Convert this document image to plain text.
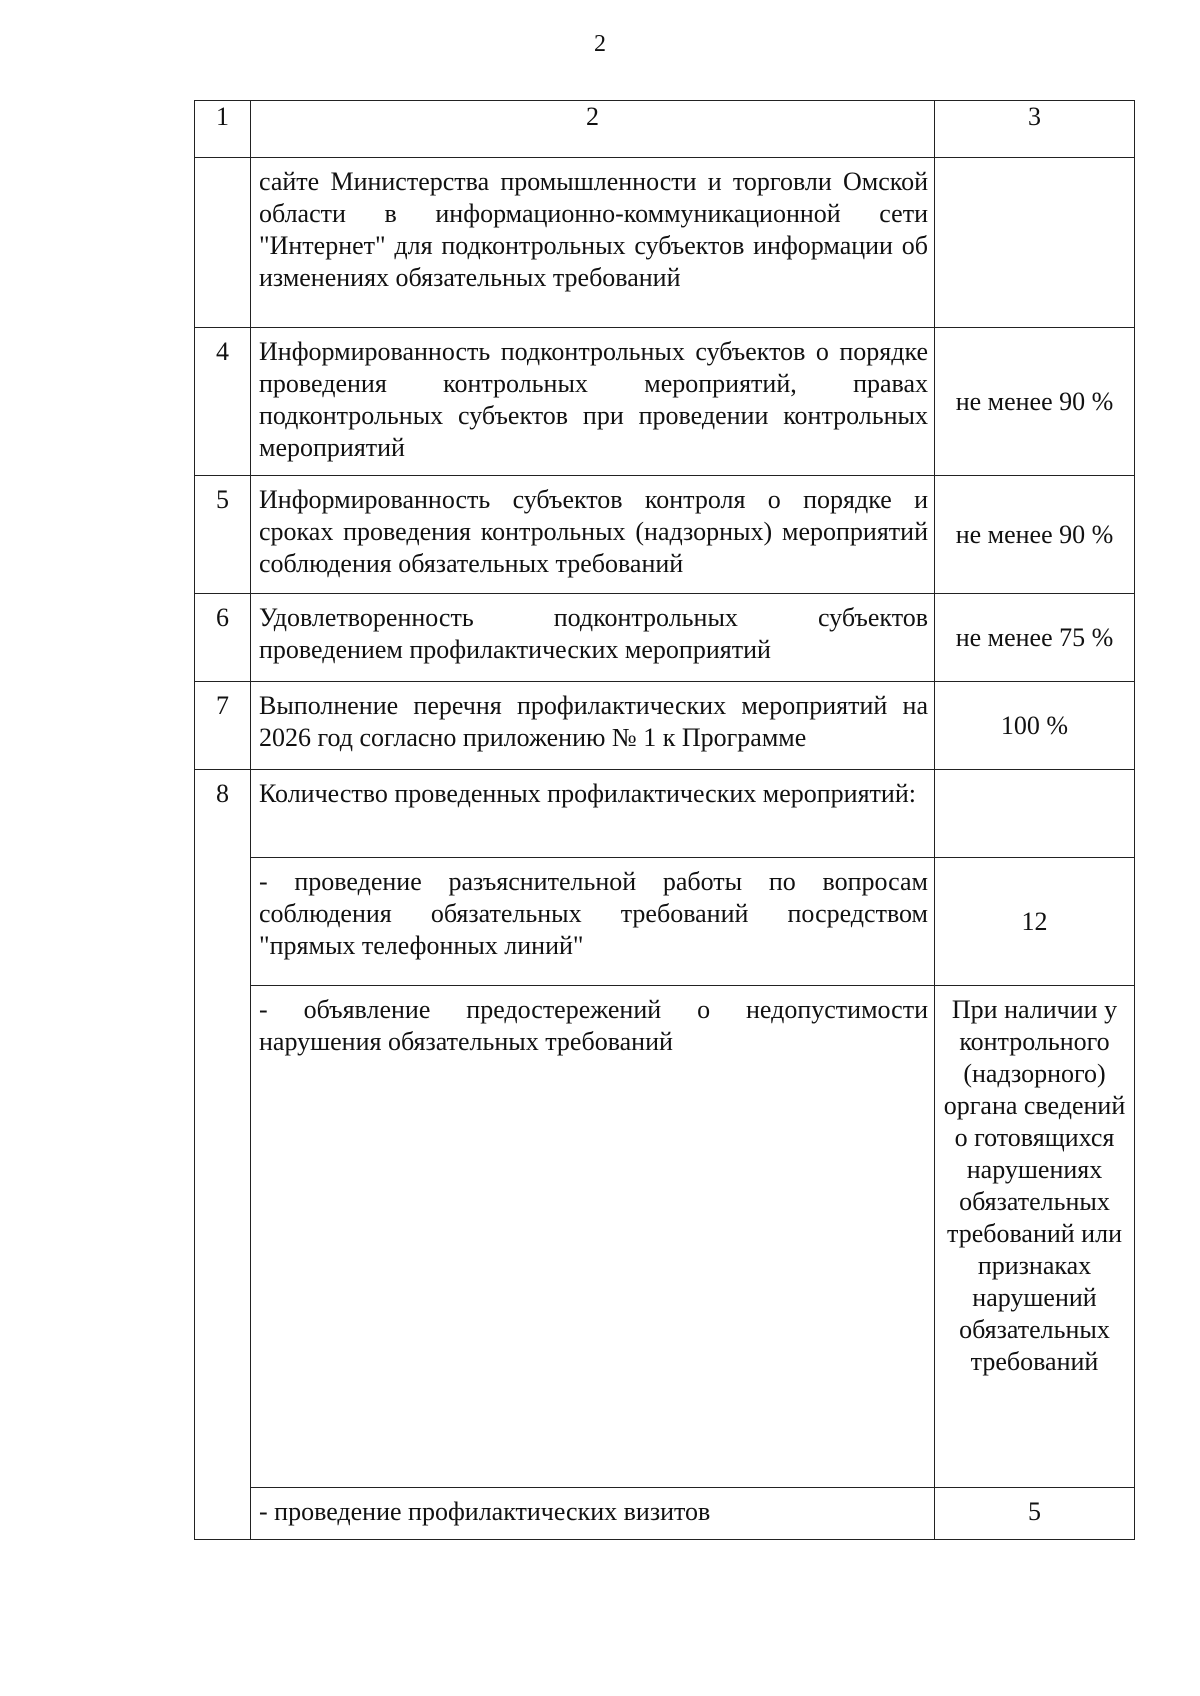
2
1	2	3
	сайте Министерства промышленности и торговли Омской области в информационно-коммуникационной сети "Интернет" для подконтрольных субъектов информации об изменениях обязательных требований	
4	Информированность подконтрольных субъектов о порядке проведения контрольных мероприятий, правах подконтрольных субъектов при проведении контрольных мероприятий	не менее 90 %
5	Информированность субъектов контроля о порядке и сроках проведения контрольных (надзорных) мероприятий соблюдения обязательных требований	не менее 90 %
6	Удовлетворенность подконтрольных субъектов проведением профилактических мероприятий	не менее 75 %
7	Выполнение перечня профилактических мероприятий на 2026 год согласно приложению № 1 к Программе	100 %
8	Количество проведенных профилактических мероприятий:	
	- проведение разъяснительной работы по вопросам соблюдения обязательных требований посредством "прямых телефонных линий"	12
	- объявление предостережений о недопустимости нарушения обязательных требований	При наличии у контрольного (надзорного) органа сведений о готовящихся нарушениях обязательных требований или признаках нарушений обязательных требований
	- проведение профилактических визитов	5
